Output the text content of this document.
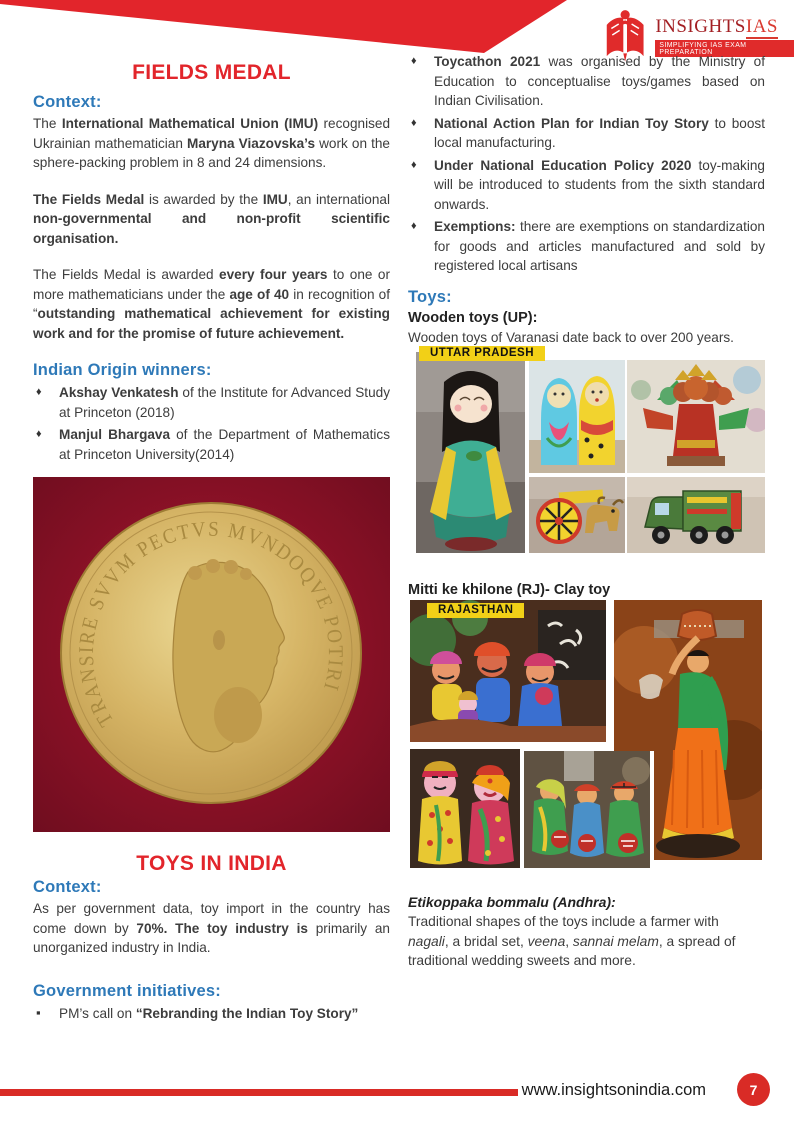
INSIGHTSIAS
SIMPLIFYING IAS EXAM PREPARATION
FIELDS MEDAL
Context:

The International Mathematical Union (IMU) recognised Ukrainian mathematician Maryna Viazovska’s work on the sphere-packing problem in 8 and 24 dimensions.

The Fields Medal is awarded by the IMU, an international non-governmental and non-profit scientific organisation.

The Fields Medal is awarded every four years to one or more mathematicians under the age of 40 in recognition of “outstanding mathematical achievement for existing work and for the promise of future achievement.

Indian Origin winners:
♦ Akshay Venkatesh of the Institute for Advanced Study at Princeton (2018)
♦ Manjul Bhargava of the Department of Mathematics at Princeton University(2014)
TRANSIRE SVVM PECTVS MVNDOQVE POTIRI
TOYS IN INDIA
Context:

As per government data, toy import in the country has come down by 70%. The toy industry is primarily an unorganized industry in India.

Government initiatives:
▪ PM’s call on “Rebranding the Indian Toy Story”
♦ Toycathon 2021 was organised by the Ministry of Education to conceptualise toys/games based on Indian Civilisation.
♦ National Action Plan for Indian Toy Story to boost local manufacturing.
♦ Under National Education Policy 2020 toy-making will be introduced to students from the sixth standard onwards.
♦ Exemptions: there are exemptions on standardization for goods and articles manufactured and sold by registered local artisans
Toys:
Wooden toys (UP):

Wooden toys of Varanasi date back to over 200 years.

UTTAR PRADESH
Mitti ke khilone (RJ)- Clay toy
RAJASTHAN
Etikoppaka bommalu (Andhra):

Traditional shapes of the toys include a farmer with nagali, a bridal set, veena, sannai melam, a spread of traditional wedding sweets and more.

www.insightsonindia.com	7
